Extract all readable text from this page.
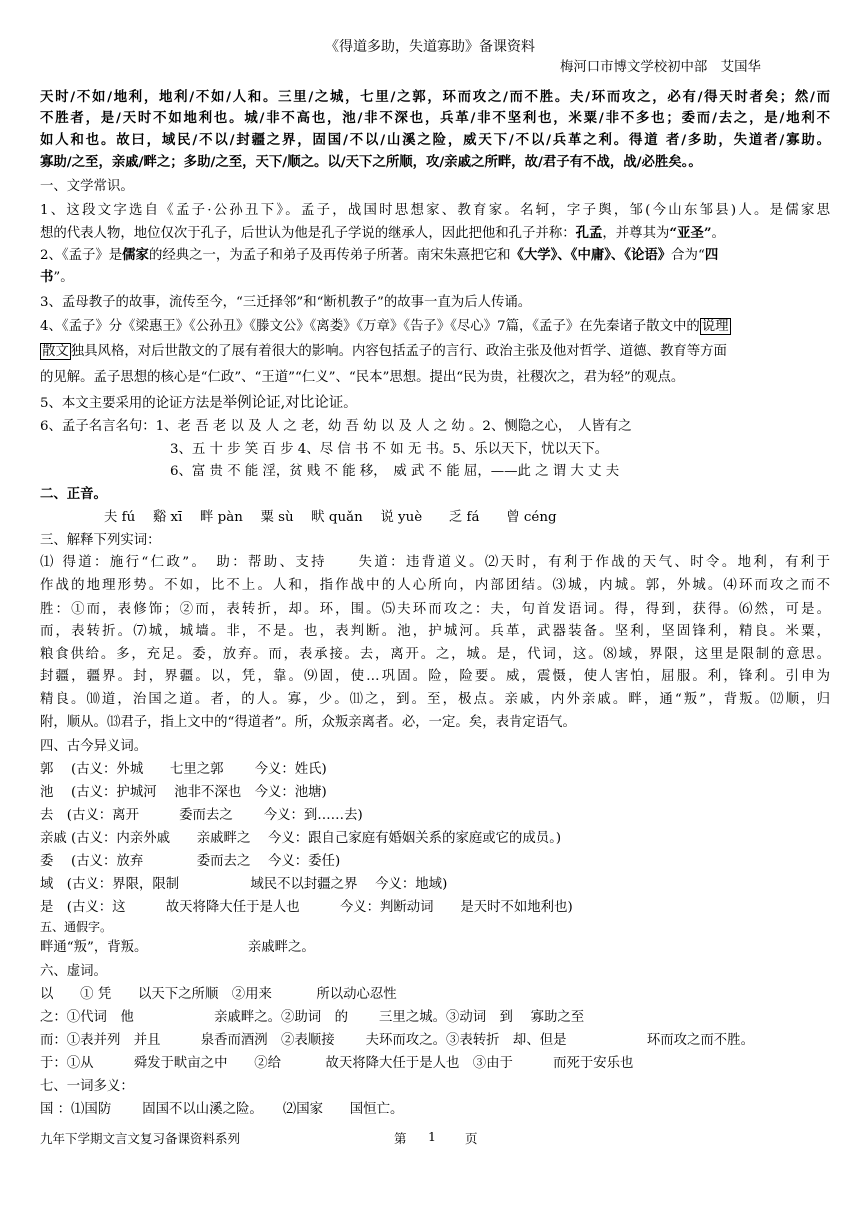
《得道多助，失道寡助》备课资料
梅河口市博文学校初中部　艾国华
天时/不如/地利，地利/不如/人和。三里/之城，七里/之郭，环而攻之/而不胜。夫/环而攻之，必有/得天时者矣；然/而
不胜者，是/天时不如地利也。城/非不高也，池/非不深也，兵革/非不坚利也，米粟/非不多也；委而/去之，是/地利不
如人和也。故曰，域民/不以/封疆之界，固国/不以/山溪之险，威天下/不以/兵革之利。得道 者/多助，失道者/寡助。
寡助/之至，亲戚/畔之；多助/之至，天下/顺之。以/天下之所顺，攻/亲戚之所畔，故/君子有不战，战/必胜矣。。
一、文学常识。
1、这段文字选自《孟子·公孙丑下》。孟子，战国时思想家、教育家。名轲，字子舆，邹(今山东邹县)人。是儒家思
想的代表人物，地位仅次于孔子，后世认为他是孔子学说的继承人，因此把他和孔子并称：孔孟，并尊其为“亚圣”。
2、《孟子》是儒家的经典之一，为孟子和弟子及再传弟子所著。南宋朱熹把它和《大学》、《中庸》、《论语》合为“四
书”。
3、孟母教子的故事，流传至今，“三迁择邻”和“断机教子”的故事一直为后人传诵。
4、《孟子》分《梁惠王》《公孙丑》《滕文公》《离娄》《万章》《告子》《尽心》7篇，《孟子》在先秦诸子散文中的 说理
散文 独具风格，对后世散文的了展有着很大的影响。内容包括孟子的言行、政治主张及他对哲学、道德、教育等方面
的见解。孟子思想的核心是“仁政”、“王道”“仁义”、“民本”思想。提出“民为贵，社稷次之，君为轻”的观点。
5、本文主要采用的论证方法是举例论证,对比论证。
6、孟子名言名句：1、老 吾 老 以 及 人 之 老，幼 吾 幼 以 及 人 之 幼 。2、恻隐之心，　人皆有之
3、五 十 步 笑 百 步 4、尽 信 书 不 如 无 书。5、乐以天下，忧以天下。
6、富 贵 不 能 淫，贫 贱 不 能 移，　威 武 不 能 屈，——此 之 谓 大 丈 夫
二、正音。
夫 fú　 谿 xī　 畔 pàn　 粟 sù　 畎 quǎn　 说 yuè　　乏 fá　　曾 céng
三、解释下列实词：
⑴ 得道：施行“仁政”。　助：帮助、支持　　失道：违背道义。⑵天时，有利于作战的天气、时令。地利，有利于
作战的地理形势。不如，比不上。人和，指作战中的人心所向，内部团结。⑶城，内城。郭，外城。⑷环而攻之而不
胜：①而，表修饰；②而，表转折，却。环，围。⑸夫环而攻之：夫，句首发语词。得，得到，获得。⑹然，可是。
而，表转折。⑺城，城墙。非，不是。也，表判断。池，护城河。兵革，武器装备。坚利，坚固锋利，精良。米粟，
粮食供给。多，充足。委，放弃。而，表承接。去，离开。之，城。是，代词，这。⑻域，界限，这里是限制的意思。
封疆，疆界。封，界疆。以，凭，靠。⑼固，使…巩固。险，险要。威，震慑，使人害怕，屈服。利，锋利。引申为
精良。⑽道，治国之道。者，的人。寡，少。⑾之，到。至，极点。亲戚，内外亲戚。畔，通“叛”，背叛。⑿顺，归
附，顺从。⒀君子，指上文中的“得道者”。所，众叛亲离者。必，一定。矣，表肯定语气。
四、古今异义词。
郭　 (古义：外城　　七里之郭　　 今义：姓氏)
池　 (古义：护城河　 池非不深也　今义：池塘)
去　(古义：离开　　　委而去之　　 今义：到……去)
亲戚 (古义：内亲外戚　　亲戚畔之　 今义：跟自己家庭有婚姻关系的家庭或它的成员。)
委　 (古义：放弃　　　　委而去之　 今义：委任)
域　(古义：界限，限制　　　　　 域民不以封疆之界　 今义：地域)
是　(古义：这　　　故天将降大任于是人也　　　今义：判断动词　　是天时不如地利也)
五、通假字。
畔通“叛”，背叛。　　　　　　　　亲戚畔之。
六、虚词。
以　　① 凭　　以天下之所顺　②用来　　　 所以动心忍性
之：①代词　他　　　　　　亲戚畔之。②助词　的　　 三里之城。③动词　到　 寡助之至
而：①表并列　并且　　　泉香而酒洌　②表顺接　　 夫环而攻之。③表转折　却、但是　　　　　　环而攻之而不胜。
于：①从　　　舜发于畎亩之中　　②给　　　 故天将降大任于是人也　③由于　　　而死于安乐也
七、一词多义：
国 ：⑴国防　　 固国不以山溪之险。　　⑵国家　　国恒亡。
九年下学期文言文复习备课资料系列	第 1 页
